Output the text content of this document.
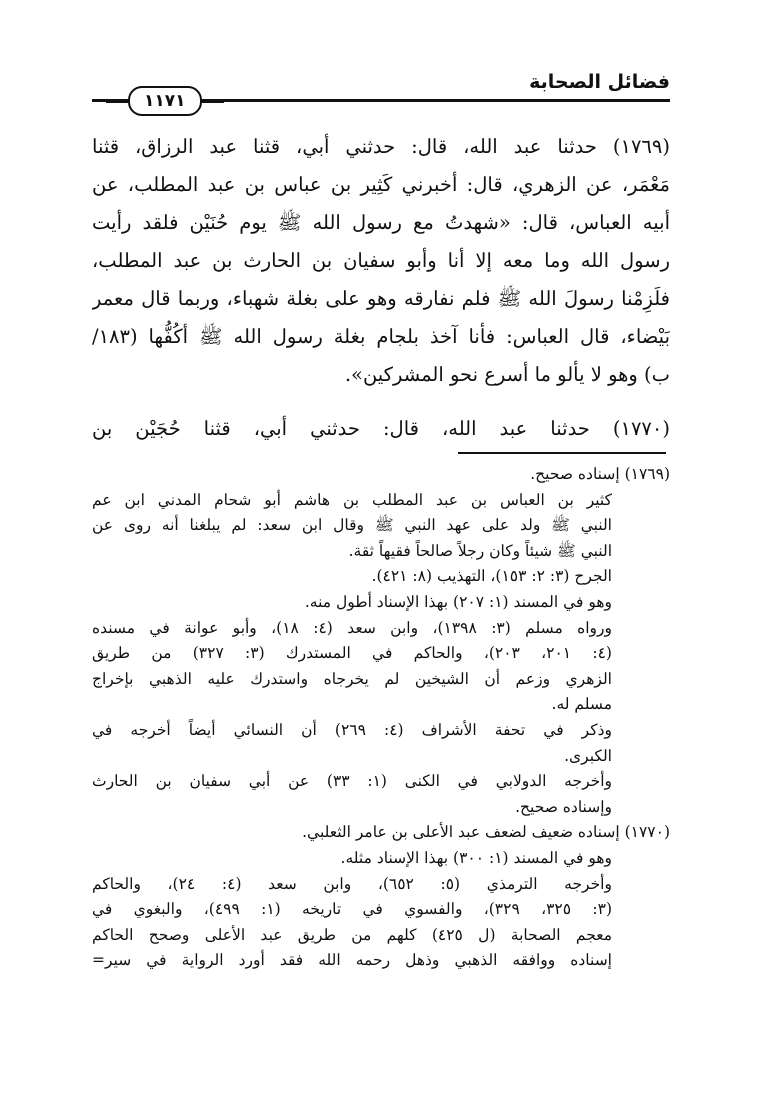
فضائل الصحابة
١١٧١
(١٧٦٩) حدثنا عبد الله، قال: حدثني أبي، قثنا عبد الرزاق، قثنا
مَعْمَر، عن الزهري، قال: أخبرني كَثِير بن عباس بن عبد المطلب، عن
أبيه العباس، قال: «شهدتُ مع رسول الله ﷺ يوم حُنَيْن فلقد رأيت
رسول الله وما معه إلا أنا وأبو سفيان بن الحارث بن عبد المطلب،
فلَزِمْنا رسولَ الله ﷺ فلم نفارقه وهو على بغلة شهباء، وربما قال معمر
بَيْضاء، قال العباس: فأنا آخذ بلجام بغلة رسول الله ﷺ أكُفُّها (١٨٣/
ب) وهو لا يألو ما أسرع نحو المشركين».
(١٧٧٠) حدثنا عبد الله، قال: حدثني أبي، قثنا حُجَيْن بن
(١٧٦٩) إسناده صحيح.
كثير بن العباس بن عبد المطلب بن هاشم أبو شحام المدني ابن عم
النبي ﷺ ولد على عهد النبي ﷺ وقال ابن سعد: لم يبلغنا أنه روى عن
النبي ﷺ شيئاً وكان رجلاً صالحاً فقيهاً ثقة.
الجرح (٣: ٢: ١٥٣)، التهذيب (٨: ٤٢١).
وهو في المسند (١: ٢٠٧) بهذا الإسناد أطول منه.
ورواه مسلم (٣: ١٣٩٨)، وابن سعد (٤: ١٨)، وأبو عوانة في مسنده
(٤: ٢٠١، ٢٠٣)، والحاكم في المستدرك (٣: ٣٢٧) من طريق
الزهري وزعم أن الشيخين لم يخرجاه واستدرك عليه الذهبي بإخراج
مسلم له.
وذكر في تحفة الأشراف (٤: ٢٦٩) أن النسائي أيضاً أخرجه في
الكبرى.
وأخرجه الدولابي في الكنى (١: ٣٣) عن أبي سفيان بن الحارث
وإسناده صحيح.
(١٧٧٠) إسناده ضعيف لضعف عبد الأعلى بن عامر الثعلبي.
وهو في المسند (١: ٣٠٠) بهذا الإسناد مثله.
وأخرجه الترمذي (٥: ٦٥٢)، وابن سعد (٤: ٢٤)، والحاكم
(٣: ٣٢٥، ٣٢٩)، والفسوي في تاريخه (١: ٤٩٩)، والبغوي في
معجم الصحابة (ل ٤٢٥) كلهم من طريق عبد الأعلى وصحح الحاكم
إسناده ووافقه الذهبي وذهل رحمه الله فقد أورد الرواية في سير=
